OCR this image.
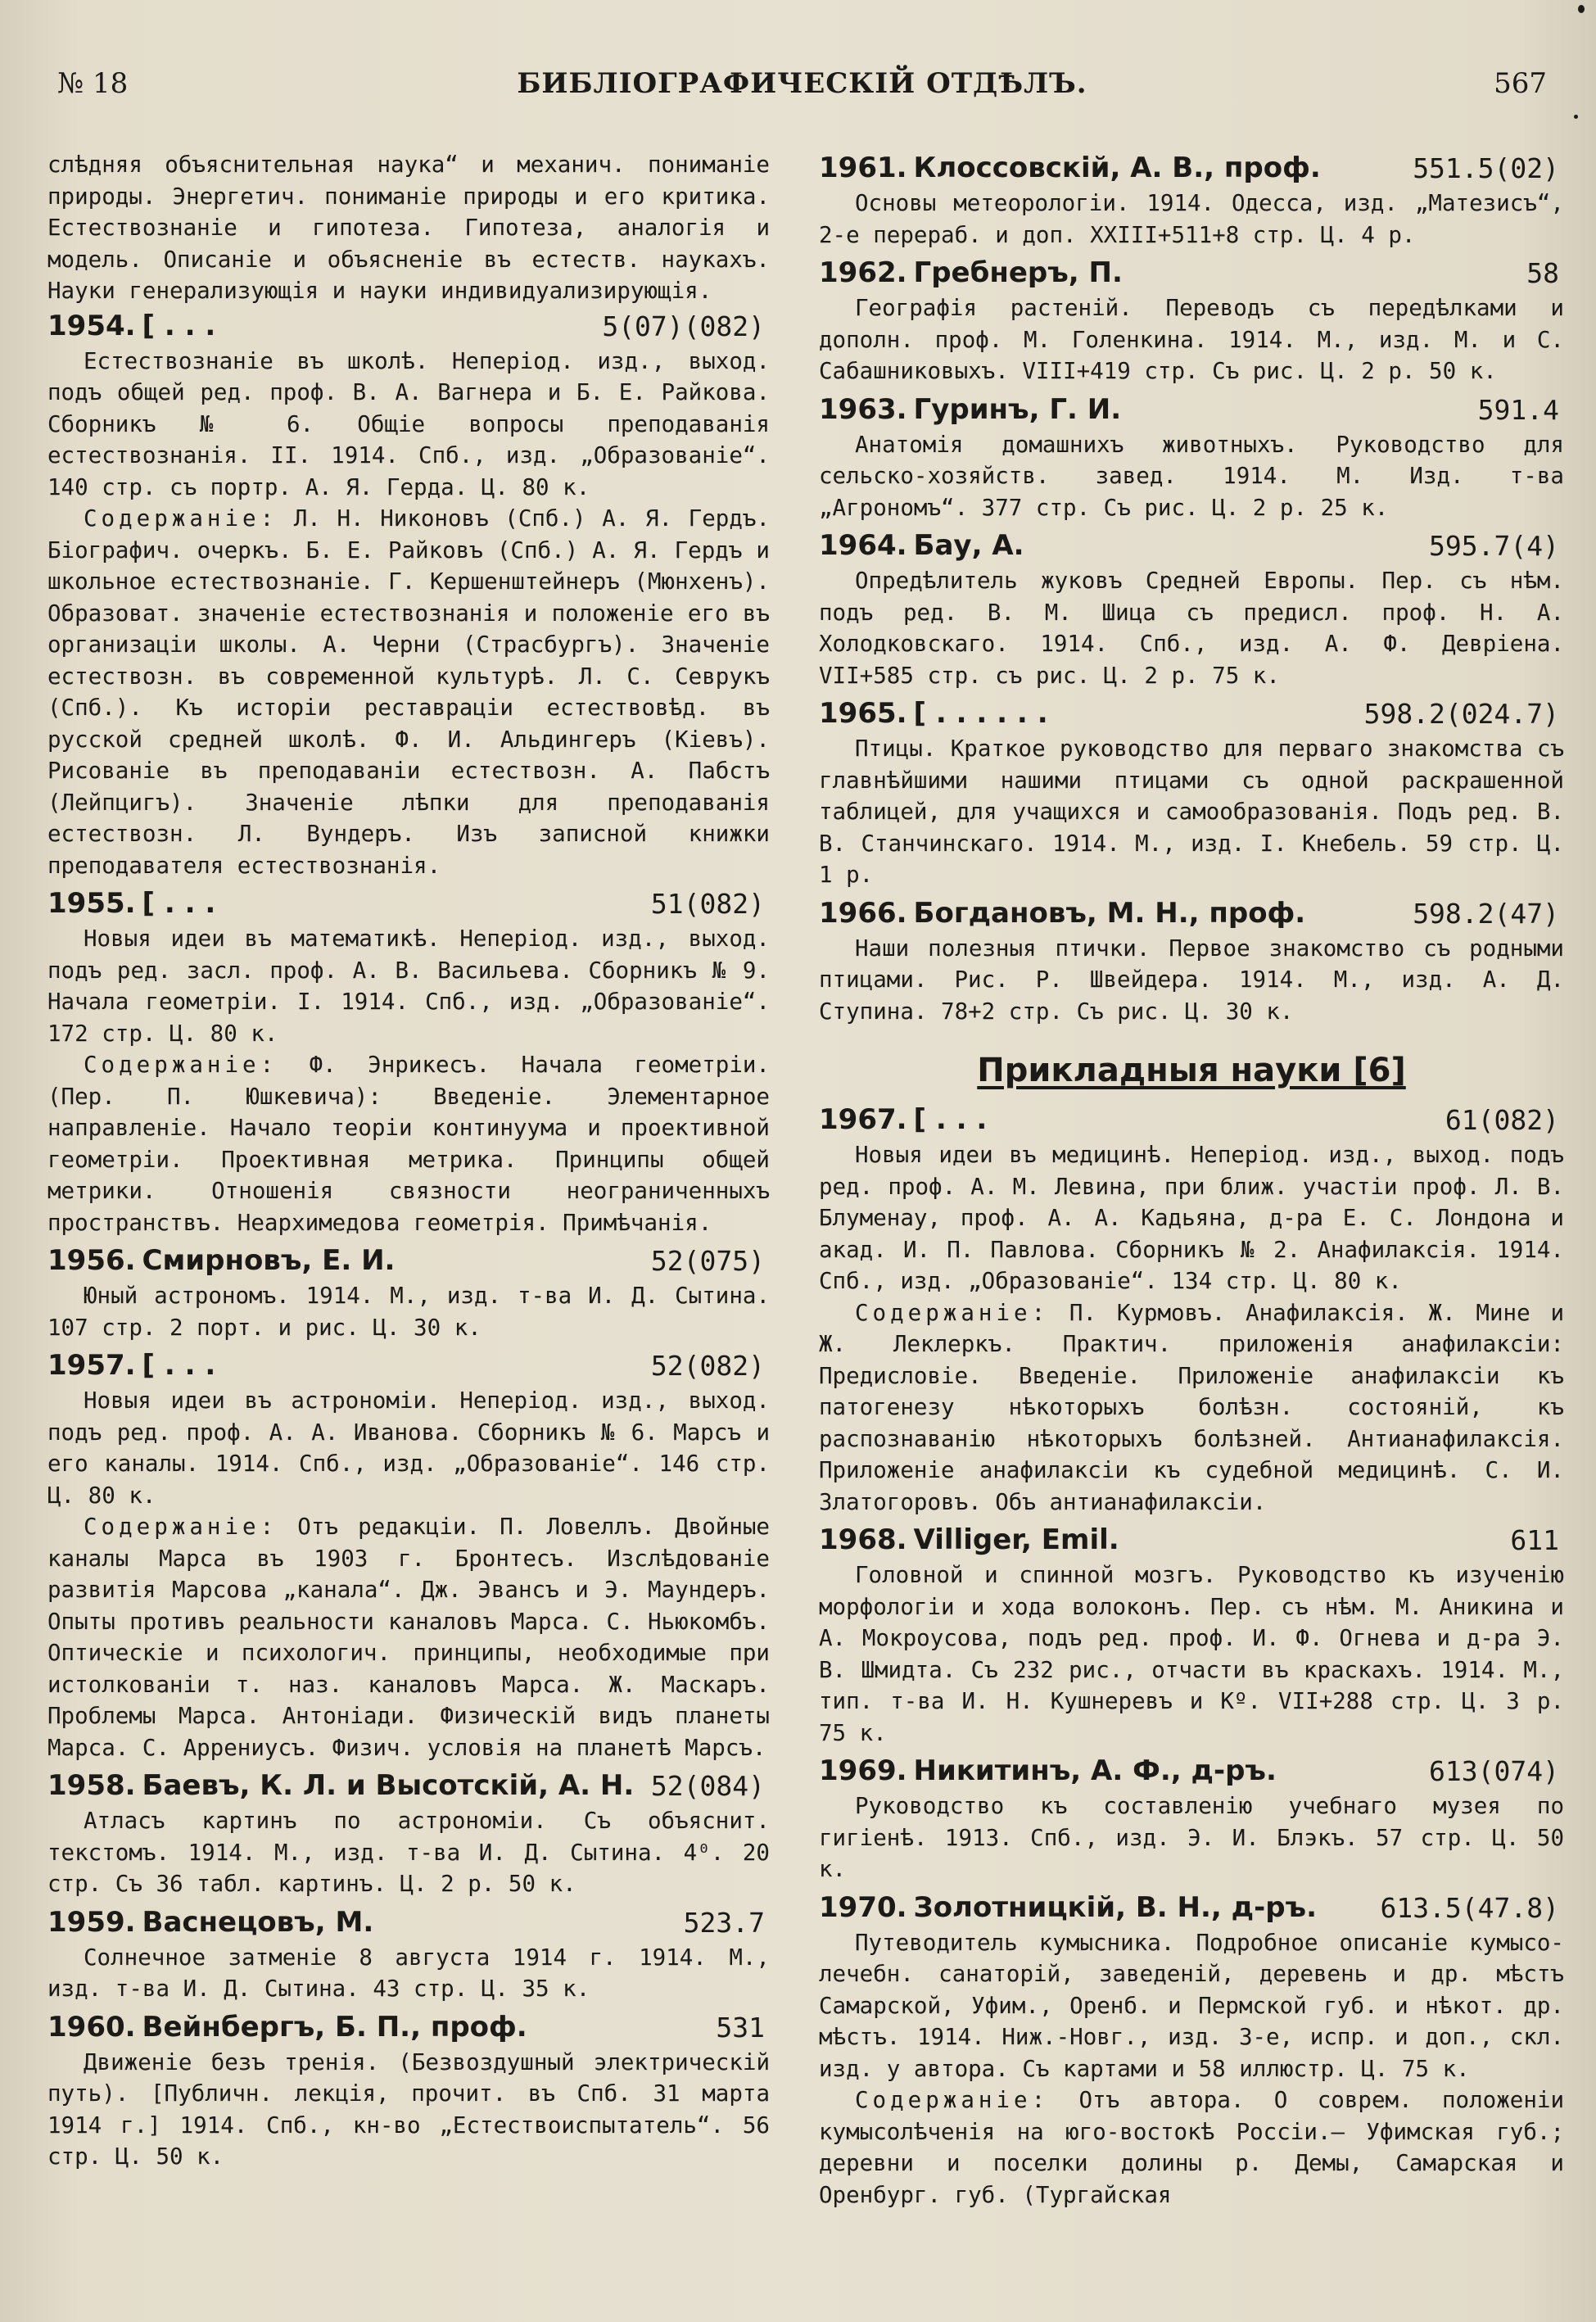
№ 18	БИБЛІОГРАФИЧЕСКІЙ ОТДѢЛЪ.	567

слѣдняя объяснительная наука“ и механич. пониманіе природы. Энергетич. пониманіе природы и его критика. Естествознаніе и гипотеза. Гипотеза, аналогія и модель. Описаніе и объясненіе въ естеств. наукахъ. Науки генерализующія и науки индивидуализирующія.

1954. [ . . .	5(07)(082)

Естествознаніе въ школѣ. Неперіод. изд., выход. подъ общей ред. проф. В. А. Вагнера и Б. Е. Райкова. Сборникъ № 6. Общіе вопросы преподаванія естествознанія. II. 1914. Спб., изд. „Образованіе“. 140 стр. съ портр. А. Я. Герда. Ц. 80 к.

Содержаніе: Л. Н. Никоновъ (Спб.) А. Я. Гердъ. Біографич. очеркъ. Б. Е. Райковъ (Спб.) А. Я. Гердъ и школьное естествознаніе. Г. Кершенштейнеръ (Мюнхенъ). Образоват. значеніе естествознанія и положеніе его въ организаціи школы. А. Черни (Страсбургъ). Значеніе естествозн. въ современной культурѣ. Л. С. Севрукъ (Спб.). Къ исторіи реставраціи естествовѣд. въ русской средней школѣ. Ф. И. Альдингеръ (Кіевъ). Рисованіе въ преподаваніи естествозн. А. Пабстъ (Лейпцигъ). Значеніе лѣпки для преподаванія естествозн. Л. Вундеръ. Изъ записной книжки преподавателя естествознанія.

1955. [ . . .	51(082)

Новыя идеи въ математикѣ. Неперіод. изд., выход. подъ ред. засл. проф. А. В. Васильева. Сборникъ № 9. Начала геометріи. I. 1914. Спб., изд. „Образованіе“. 172 стр. Ц. 80 к.

Содержаніе: Ф. Энрикесъ. Начала геометріи. (Пер. П. Юшкевича): Введеніе. Элементарное направленіе. Начало теоріи континуума и проективной геометріи. Проективная метрика. Принципы общей метрики. Отношенія связности неограниченныхъ пространствъ. Неархимедова геометрія. Примѣчанія.

1956. Смирновъ, Е. И.	52(075)

Юный астрономъ. 1914. М., изд. т-ва И. Д. Сытина. 107 стр. 2 порт. и рис. Ц. 30 к.

1957. [ . . .	52(082)

Новыя идеи въ астрономіи. Неперіод. изд., выход. подъ ред. проф. А. А. Иванова. Сборникъ № 6. Марсъ и его каналы. 1914. Спб., изд. „Образованіе“. 146 стр. Ц. 80 к.

Содержаніе: Отъ редакціи. П. Ловеллъ. Двойные каналы Марса въ 1903 г. Бронтесъ. Изслѣдованіе развитія Марсова „канала“. Дж. Эвансъ и Э. Маундеръ. Опыты противъ реальности каналовъ Марса. С. Ньюкомбъ. Оптическіе и психологич. принципы, необходимые при истолкованіи т. наз. каналовъ Марса. Ж. Маскаръ. Проблемы Марса. Антоніади. Физическій видъ планеты Марса. С. Аррениусъ. Физич. условія на планетѣ Марсъ.

1958. Баевъ, К. Л. и Высотскій, А. Н. 52(084)

Атласъ картинъ по астрономіи. Съ объяснит. текстомъ. 1914. М., изд. т-ва И. Д. Сытина. 4⁰. 20 стр. Съ 36 табл. картинъ. Ц. 2 р. 50 к.

1959. Васнецовъ, М.	523.7

Солнечное затменіе 8 августа 1914 г. 1914. М., изд. т-ва И. Д. Сытина. 43 стр. Ц. 35 к.

1960. Вейнбергъ, Б. П., проф.	531

Движеніе безъ тренія. (Безвоздушный электрическій путь). [Публичн. лекція, прочит. въ Спб. 31 марта 1914 г.] 1914. Спб., кн-во „Естествоиспытатель“. 56 стр. Ц. 50 к.

1961. Клоссовскій, А. В., проф.	551.5(02)

Основы метеорологіи. 1914. Одесса, изд. „Матезисъ“, 2-е перераб. и доп. XXIII+511+8 стр. Ц. 4 р.

1962. Гребнеръ, П.	58

Географія растеній. Переводъ съ передѣлками и дополн. проф. М. Голенкина. 1914. М., изд. М. и С. Сабашниковыхъ. VIII+419 стр. Съ рис. Ц. 2 р. 50 к.

1963. Гуринъ, Г. И.	591.4

Анатомія домашнихъ животныхъ. Руководство для сельско-хозяйств. завед. 1914. М. Изд. т-ва „Агрономъ“. 377 стр. Съ рис. Ц. 2 р. 25 к.

1964. Бау, А.	595.7(4)

Опредѣлитель жуковъ Средней Европы. Пер. съ нѣм. подъ ред. В. М. Шица съ предисл. проф. Н. А. Холодковскаго. 1914. Спб., изд. А. Ф. Девріена. VII+585 стр. съ рис. Ц. 2 р. 75 к.

1965. [ . . . . . .	598.2(024.7)

Птицы. Краткое руководство для перваго знакомства съ главнѣйшими нашими птицами съ одной раскрашенной таблицей, для учащихся и самообразованія. Подъ ред. В. В. Станчинскаго. 1914. М., изд. I. Кнебель. 59 стр. Ц. 1 р.

1966. Богдановъ, М. Н., проф.	598.2(47)

Наши полезныя птички. Первое знакомство съ родными птицами. Рис. Р. Швейдера. 1914. М., изд. А. Д. Ступина. 78+2 стр. Съ рис. Ц. 30 к.

Прикладныя науки [6]
1967. [ . . .	61(082)

Новыя идеи въ медицинѣ. Неперіод. изд., выход. подъ ред. проф. А. М. Левина, при ближ. участіи проф. Л. В. Блуменау, проф. А. А. Кадьяна, д-ра Е. С. Лондона и акад. И. П. Павлова. Сборникъ № 2. Анафилаксія. 1914. Спб., изд. „Образованіе“. 134 стр. Ц. 80 к.

Содержаніе: П. Курмовъ. Анафилаксія. Ж. Мине и Ж. Леклеркъ. Практич. приложенія анафилаксіи: Предисловіе. Введеніе. Приложеніе анафилаксіи къ патогенезу нѣкоторыхъ болѣзн. состояній, къ распознаванію нѣкоторыхъ болѣзней. Антианафилаксія. Приложеніе анафилаксіи къ судебной медицинѣ. С. И. Златогоровъ. Объ антианафилаксіи.

1968. Villiger, Emil.	611

Головной и спинной мозгъ. Руководство къ изученію морфологіи и хода волоконъ. Пер. съ нѣм. М. Аникина и А. Мокроусова, подъ ред. проф. И. Ф. Огнева и д-ра Э. В. Шмидта. Съ 232 рис., отчасти въ краскахъ. 1914. М., тип. т-ва И. Н. Кушнеревъ и Kº. VII+288 стр. Ц. 3 р. 75 к.

1969. Никитинъ, А. Ф., д-ръ.	613(074)

Руководство къ составленію учебнаго музея по гигіенѣ. 1913. Спб., изд. Э. И. Блэкъ. 57 стр. Ц. 50 к.

1970. Золотницкій, В. Н., д-ръ. 613.5(47.8)

Путеводитель кумысника. Подробное описаніе кумысо-лечебн. санаторій, заведеній, деревень и др. мѣстъ Самарской, Уфим., Оренб. и Пермской губ. и нѣкот. др. мѣстъ. 1914. Ниж.-Новг., изд. 3-е, испр. и доп., скл. изд. у автора. Съ картами и 58 иллюстр. Ц. 75 к.

Содержаніе: Отъ автора. О соврем. положеніи кумысолѣченія на юго-востокѣ Россіи.— Уфимская губ.; деревни и поселки долины р. Демы, Самарская и Оренбург. губ. (Тургайская
